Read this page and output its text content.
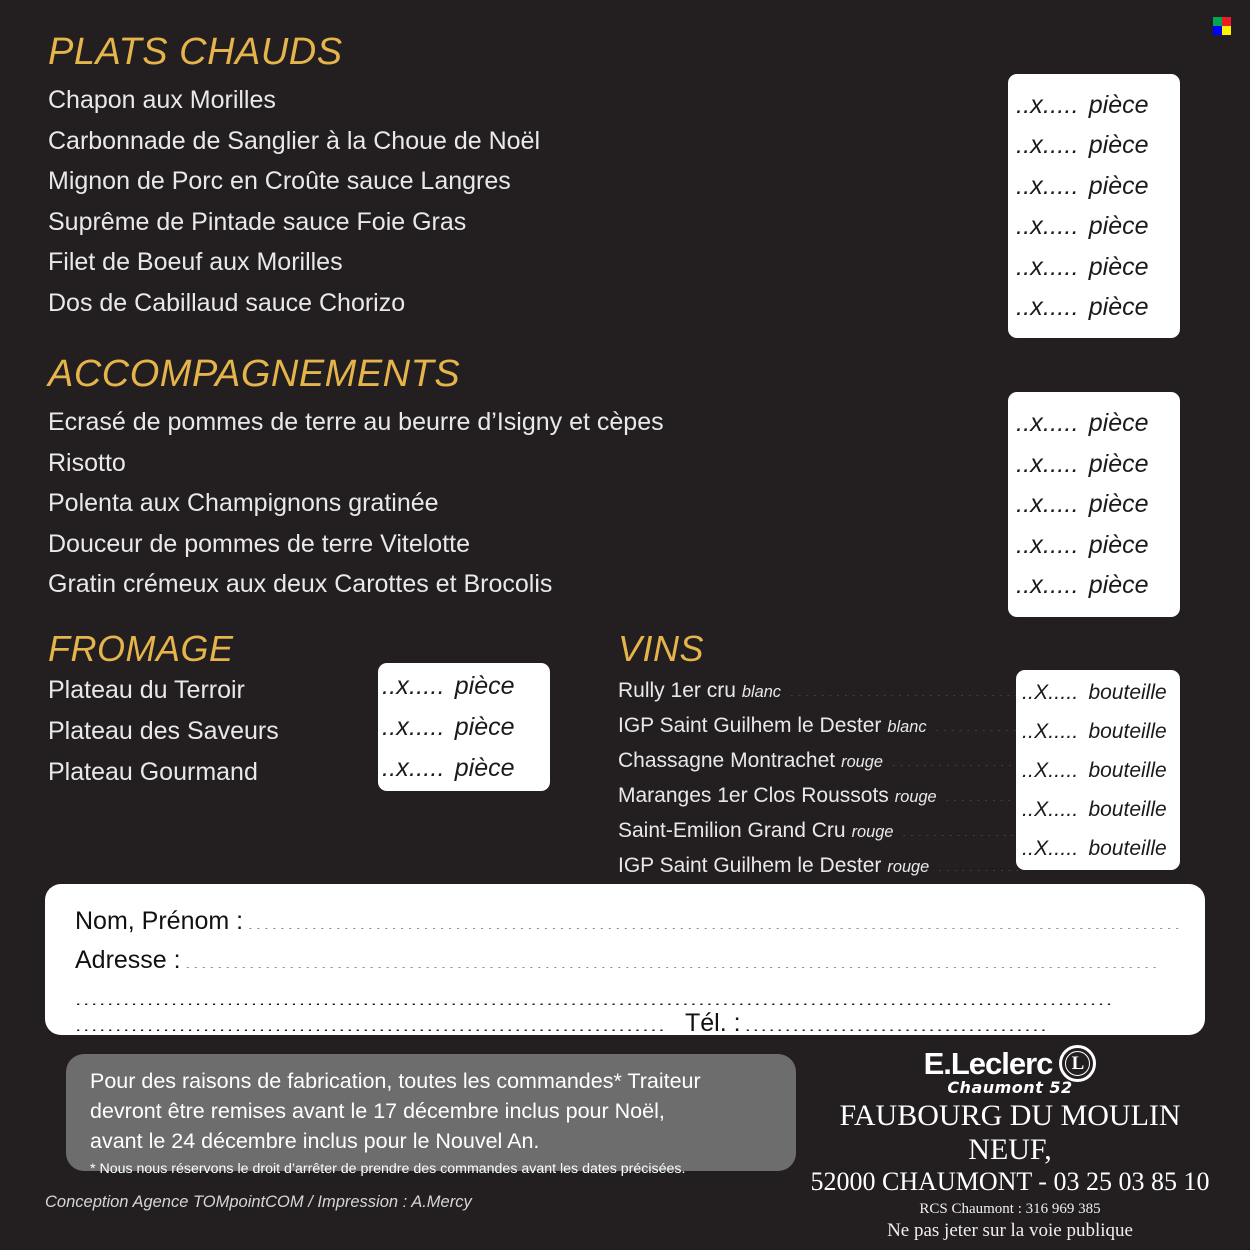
PLATS CHAUDS
Chapon aux Morilles
.....
Carbonnade de Sanglier à la Choue de Noël
.....
Mignon de Porc en Croûte sauce Langres
.....
Suprême de Pintade sauce Foie Gras
.....
Filet de Boeuf aux Morilles
.....
Dos de Cabillaud sauce Chorizo
.....
..x..... pièce
..x..... pièce
..x..... pièce
..x..... pièce
..x..... pièce
..x..... pièce
ACCOMPAGNEMENTS
Ecrasé de pommes de terre au beurre d’Isigny et cèpes
.....
Risotto
.....
Polenta aux Champignons gratinée
.....
Douceur de pommes de terre Vitelotte
.....
Gratin crémeux aux deux Carottes et Brocolis
.....
..x..... pièce
..x..... pièce
..x..... pièce
..x..... pièce
..x..... pièce
FROMAGE
Plateau du Terroir
.....
Plateau des Saveurs
.....
Plateau Gourmand
.....
..x..... pièce
..x..... pièce
..x..... pièce
VINS
Rully 1er cru blanc
.....
IGP Saint Guilhem le Dester blanc
.....
Chassagne Montrachet rouge
.....
Maranges 1er Clos Roussots rouge
.....
Saint-Emilion Grand Cru rouge
.....
IGP Saint Guilhem le Dester rouge
.....
..X..... bouteille
..X..... bouteille
..X..... bouteille
..X..... bouteille
..X..... bouteille
Nom, Prénom :
.....
Adresse :
.....
.....
.....
Tél. :
.....
Pour des raisons de fabrication, toutes les commandes* Traiteur
devront être remises avant le 17 décembre inclus pour Noël,
avant le 24 décembre inclus pour le Nouvel An.
* Nous nous réservons le droit d’arrêter de prendre des commandes avant les dates précisées.
E.Leclerc L
Chaumont 52
FAUBOURG DU MOULIN NEUF,
52000 CHAUMONT - 03 25 03 85 10
RCS Chaumont : 316 969 385
Ne pas jeter sur la voie publique
Conception Agence TOMpointCOM / Impression : A.Mercy
